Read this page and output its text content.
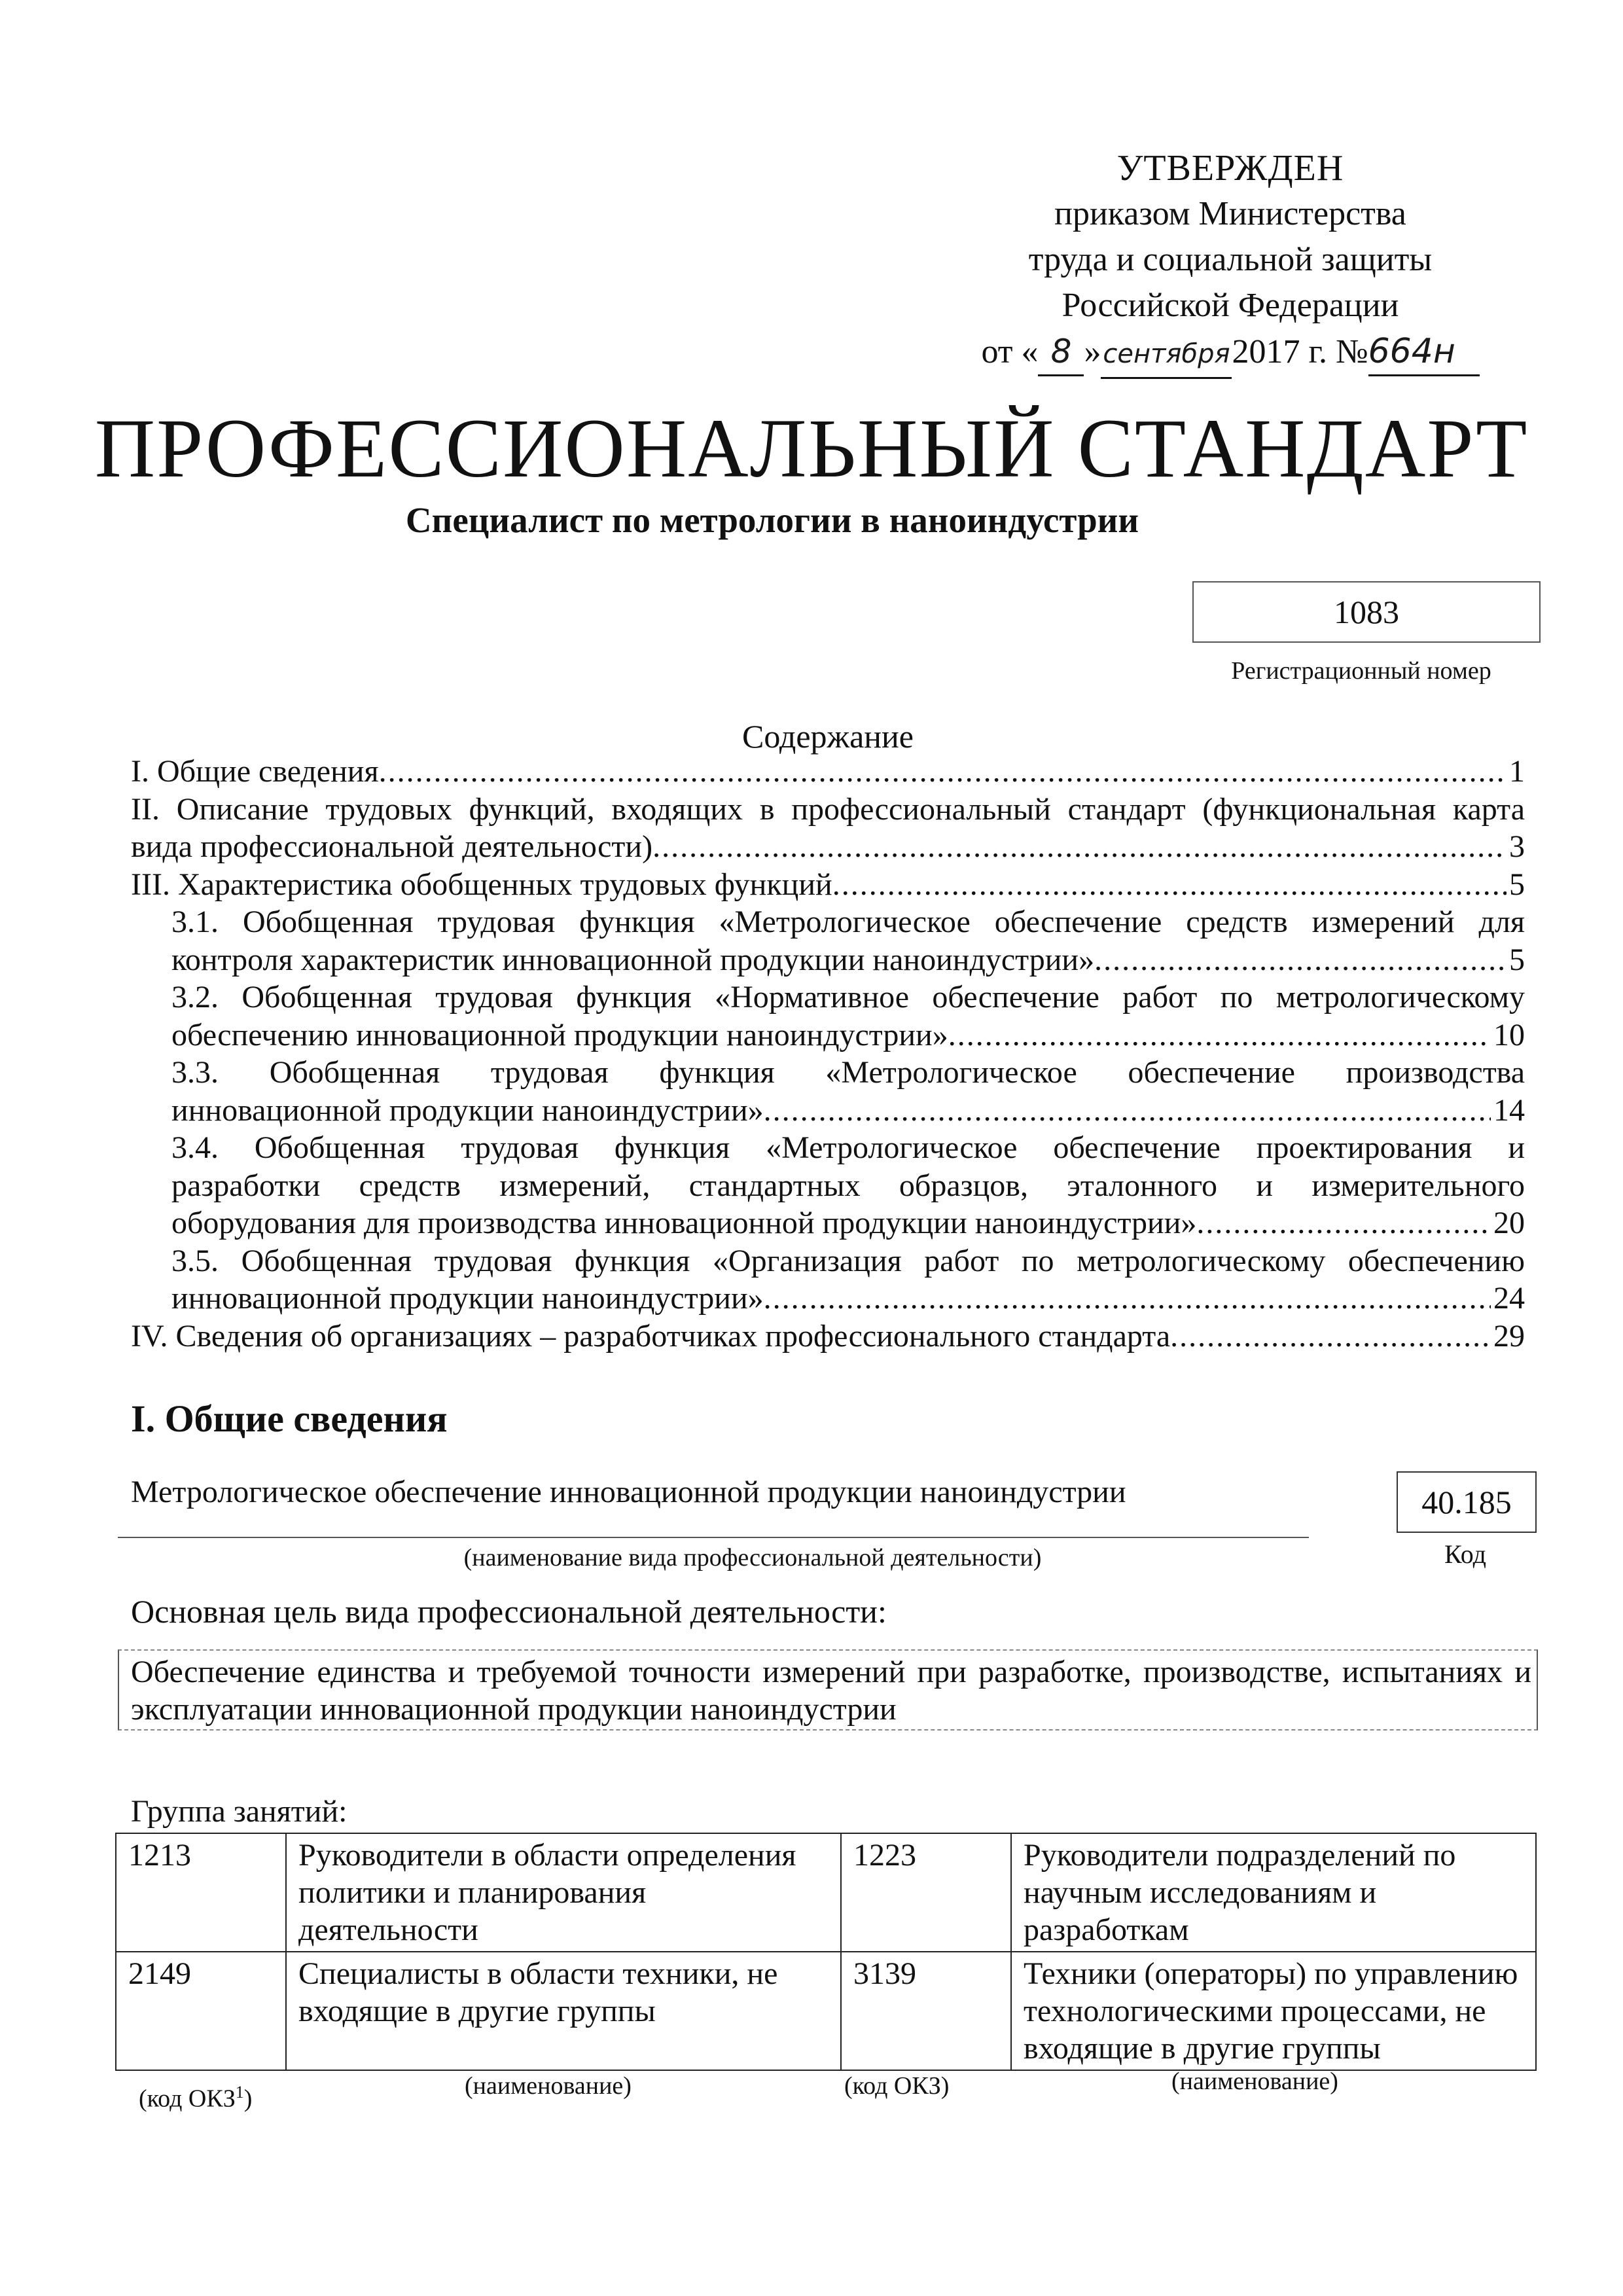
УТВЕРЖДЕН
приказом Министерства
труда и социальной защиты
Российской Федерации
от « 8 » сентября 2017 г. № 664н
ПРОФЕССИОНАЛЬНЫЙ СТАНДАРТ
Специалист по метрологии в наноиндустрии
1083
Регистрационный номер
Содержание
I. Общие сведения .....	1
II. Описание трудовых функций, входящих в профессиональный стандарт (функциональная карта
вида профессиональной деятельности) .....	3
III. Характеристика обобщенных трудовых функций .....	5
3.1. Обобщенная трудовая функция «Метрологическое обеспечение средств измерений для
контроля характеристик инновационной продукции наноиндустрии» .....	5
3.2. Обобщенная трудовая функция «Нормативное обеспечение работ по метрологическому
обеспечению инновационной продукции наноиндустрии» .....	10
3.3. Обобщенная трудовая функция «Метрологическое обеспечение производства
инновационной продукции наноиндустрии» .....	14
3.4. Обобщенная трудовая функция «Метрологическое обеспечение проектирования и
разработки средств измерений, стандартных образцов, эталонного и измерительного
оборудования для производства инновационной продукции наноиндустрии» .....	20
3.5. Обобщенная трудовая функция «Организация работ по метрологическому обеспечению
инновационной продукции наноиндустрии» .....	24
IV. Сведения об организациях – разработчиках профессионального стандарта .....	29
I. Общие сведения
Метрологическое обеспечение инновационной продукции наноиндустрии	40.185
(наименование вида профессиональной деятельности)	Код
Основная цель вида профессиональной деятельности:
Обеспечение единства и требуемой точности измерений при разработке, производстве, испытаниях и эксплуатации инновационной продукции наноиндустрии
Группа занятий:
1213	Руководители в области определения политики и планирования деятельности	1223	Руководители подразделений по научным исследованиям и разработкам
2149	Специалисты в области техники, не входящие в другие группы	3139	Техники (операторы) по управлению технологическими процессами, не входящие в другие группы
(код ОКЗ$^1$)	(наименование)	(код ОКЗ)	(наименование)
